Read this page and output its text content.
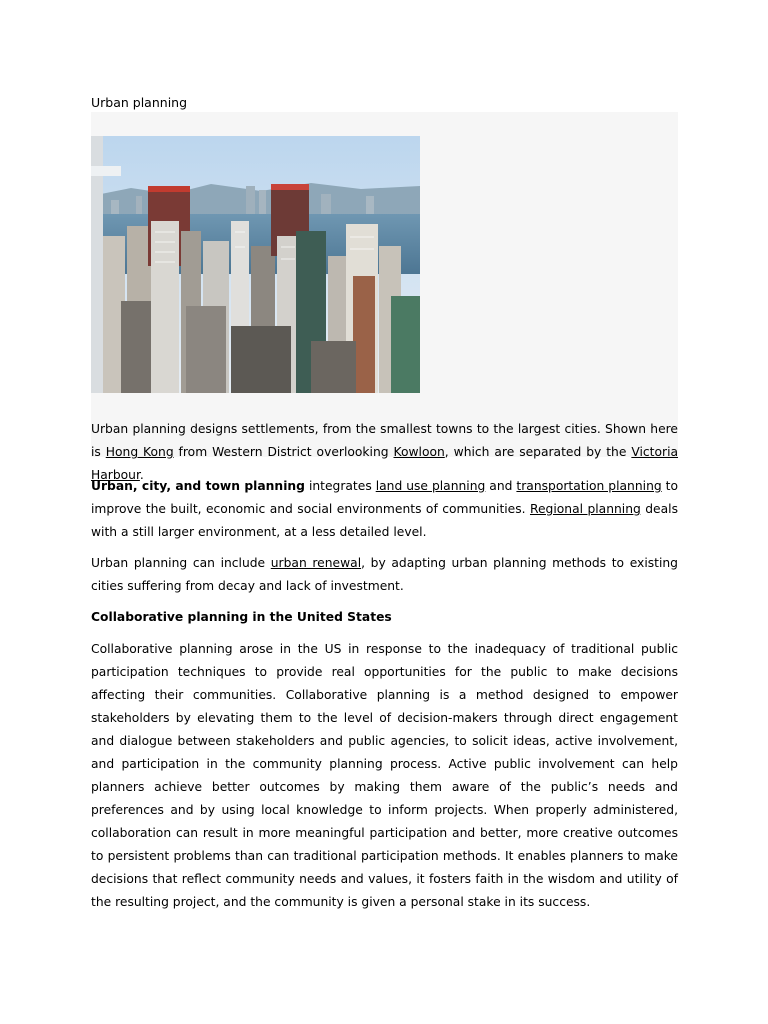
Urban planning

Urban planning designs settlements, from the smallest towns to the largest cities. Shown here is Hong Kong from Western District overlooking Kowloon, which are separated by the Victoria Harbour.

Urban, city, and town planning integrates land use planning and transportation planning to improve the built, economic and social environments of communities. Regional planning deals with a still larger environment, at a less detailed level.

Urban planning can include urban renewal, by adapting urban planning methods to existing cities suffering from decay and lack of investment.

Collaborative planning in the United States

Collaborative planning arose in the US in response to the inadequacy of traditional public participation techniques to provide real opportunities for the public to make decisions affecting their communities. Collaborative planning is a method designed to empower stakeholders by elevating them to the level of decision-makers through direct engagement and dialogue between stakeholders and public agencies, to solicit ideas, active involvement, and participation in the community planning process. Active public involvement can help planners achieve better outcomes by making them aware of the public’s needs and preferences and by using local knowledge to inform projects. When properly administered, collaboration can result in more meaningful participation and better, more creative outcomes to persistent problems than can traditional participation methods. It enables planners to make decisions that reflect community needs and values, it fosters faith in the wisdom and utility of the resulting project, and the community is given a personal stake in its success.
